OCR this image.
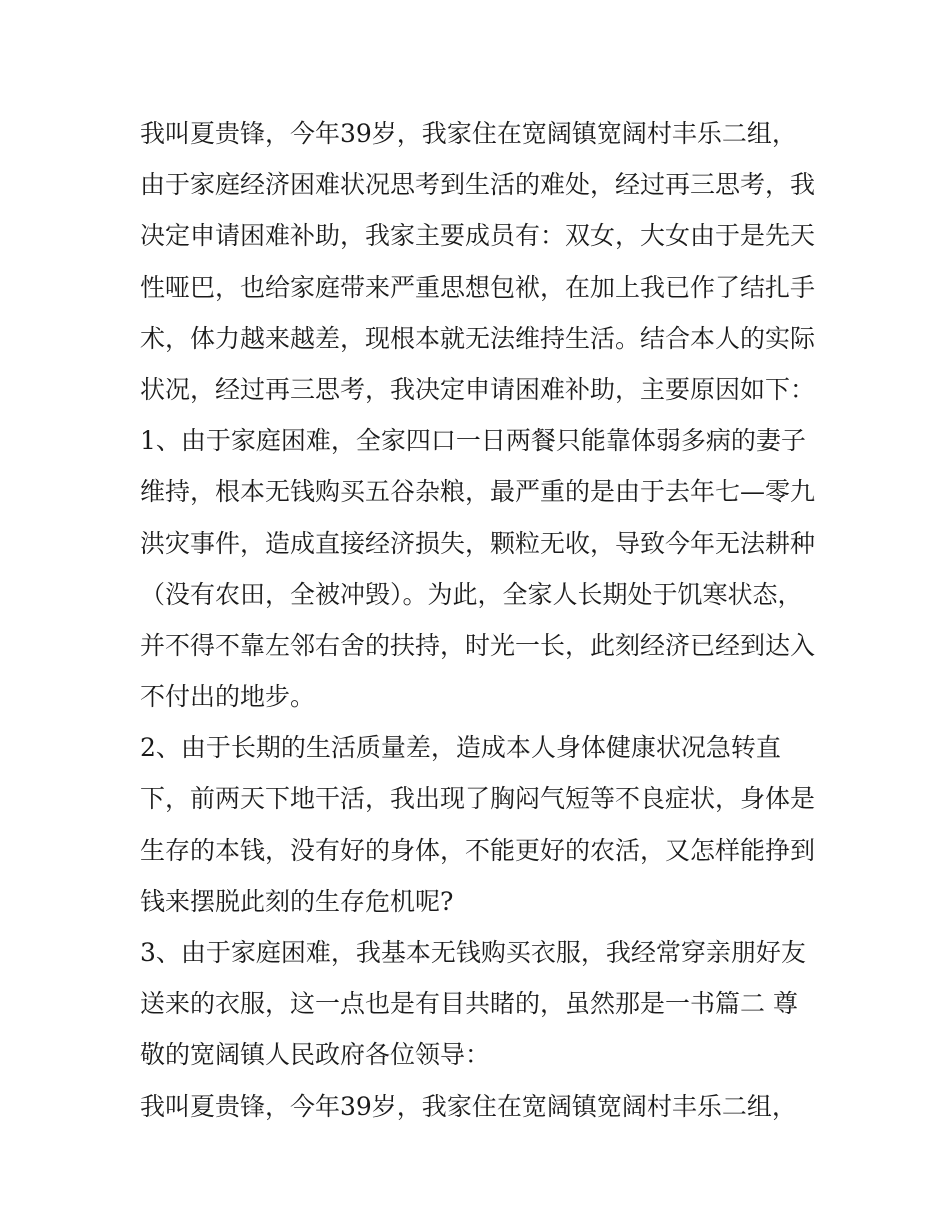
我叫夏贵锋，今年39岁，我家住在宽阔镇宽阔村丰乐二组，
由于家庭经济困难状况思考到生活的难处，经过再三思考，我
决定申请困难补助，我家主要成员有：双女，大女由于是先天
性哑巴，也给家庭带来严重思想包袱，在加上我已作了结扎手
术，体力越来越差，现根本就无法维持生活。结合本人的实际
状况，经过再三思考，我决定申请困难补助，主要原因如下：
1、由于家庭困难，全家四口一日两餐只能靠体弱多病的妻子
维持，根本无钱购买五谷杂粮，最严重的是由于去年七—零九
洪灾事件，造成直接经济损失，颗粒无收，导致今年无法耕种
（没有农田，全被冲毁）。为此，全家人长期处于饥寒状态，
并不得不靠左邻右舍的扶持，时光一长，此刻经济已经到达入
不付出的地步。
2、由于长期的生活质量差，造成本人身体健康状况急转直
下，前两天下地干活，我出现了胸闷气短等不良症状，身体是
生存的本钱，没有好的身体，不能更好的农活，又怎样能挣到
钱来摆脱此刻的生存危机呢?
3、由于家庭困难，我基本无钱购买衣服，我经常穿亲朋好友
送来的衣服，这一点也是有目共睹的，虽然那是一书篇二 尊
敬的宽阔镇人民政府各位领导：
我叫夏贵锋，今年39岁，我家住在宽阔镇宽阔村丰乐二组，
